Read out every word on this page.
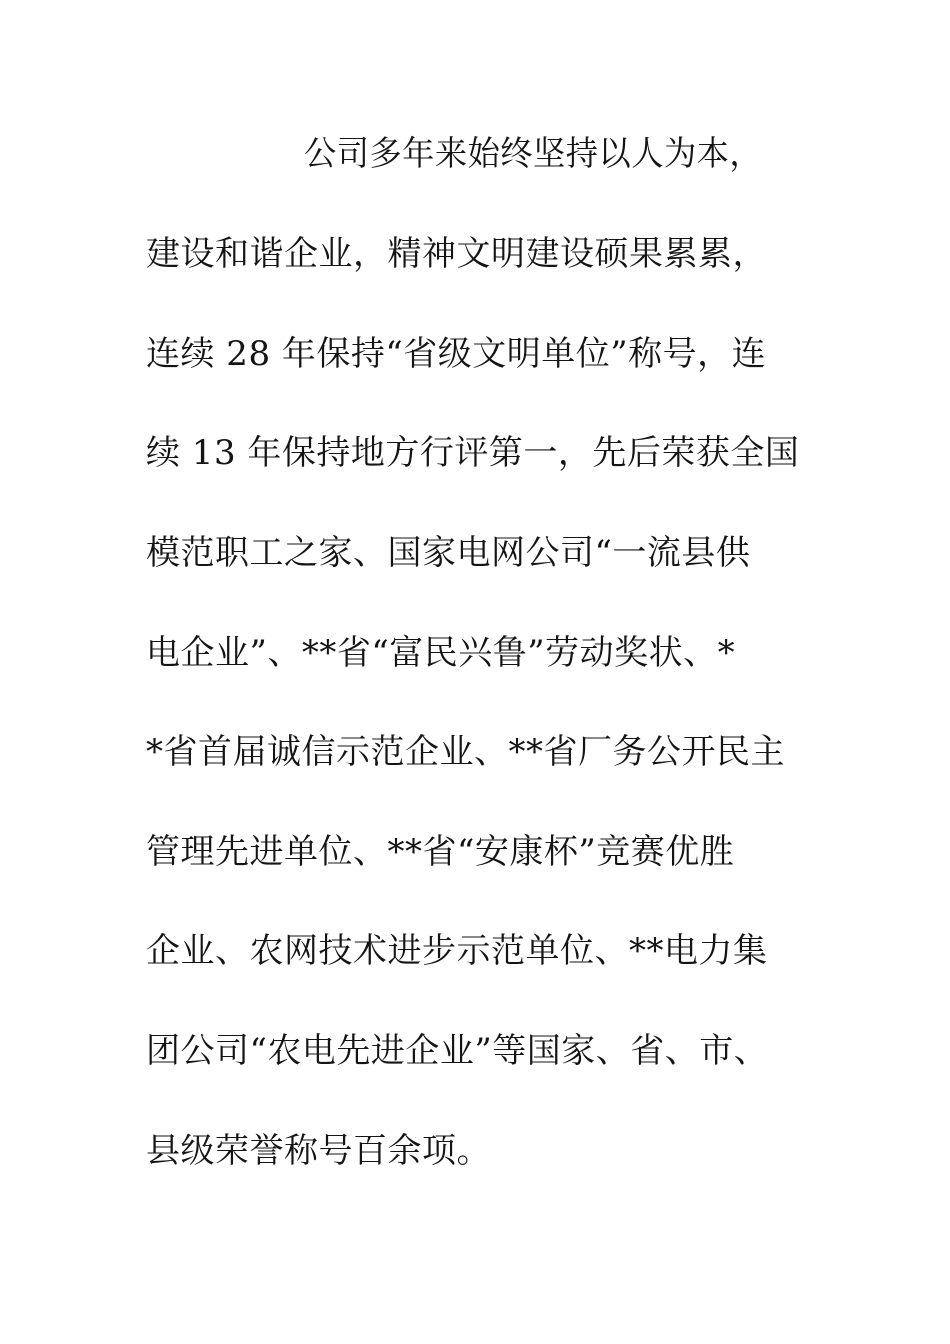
公司多年来始终坚持以人为本，
建设和谐企业，精神文明建设硕果累累，
连续 28 年保持“省级文明单位”称号，连
续 13 年保持地方行评第一，先后荣获全国
模范职工之家、国家电网公司“一流县供
电企业”、**省“富民兴鲁”劳动奖状、*
*省首届诚信示范企业、**省厂务公开民主
管理先进单位、**省“安康杯”竞赛优胜
企业、农网技术进步示范单位、**电力集
团公司“农电先进企业”等国家、省、市、
县级荣誉称号百余项。
